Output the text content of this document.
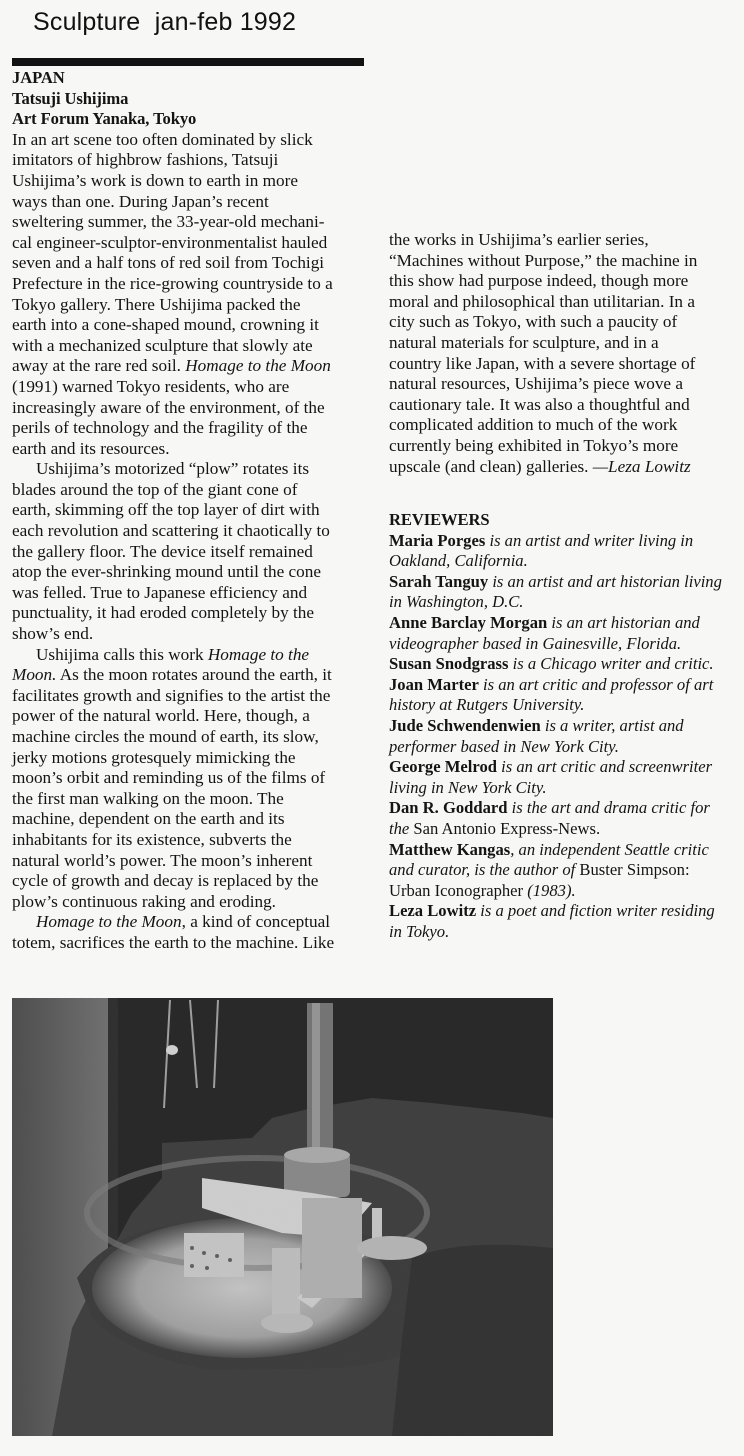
Sculpture  jan-feb 1992
JAPAN
Tatsuji Ushijima
Art Forum Yanaka, Tokyo
In an art scene too often dominated by slick
imitators of highbrow fashions, Tatsuji
Ushijima’s work is down to earth in more
ways than one. During Japan’s recent
sweltering summer, the 33-year-old mechani-
cal engineer-sculptor-environmentalist hauled
seven and a half tons of red soil from Tochigi
Prefecture in the rice-growing countryside to a
Tokyo gallery. There Ushijima packed the
earth into a cone-shaped mound, crowning it
with a mechanized sculpture that slowly ate
away at the rare red soil. Homage to the Moon
(1991) warned Tokyo residents, who are
increasingly aware of the environment, of the
perils of technology and the fragility of the
earth and its resources.
Ushijima’s motorized “plow” rotates its
blades around the top of the giant cone of
earth, skimming off the top layer of dirt with
each revolution and scattering it chaotically to
the gallery floor. The device itself remained
atop the ever-shrinking mound until the cone
was felled. True to Japanese efficiency and
punctuality, it had eroded completely by the
show’s end.
Ushijima calls this work Homage to the
Moon. As the moon rotates around the earth, it
facilitates growth and signifies to the artist the
power of the natural world. Here, though, a
machine circles the mound of earth, its slow,
jerky motions grotesquely mimicking the
moon’s orbit and reminding us of the films of
the first man walking on the moon. The
machine, dependent on the earth and its
inhabitants for its existence, subverts the
natural world’s power. The moon’s inherent
cycle of growth and decay is replaced by the
plow’s continuous raking and eroding.
Homage to the Moon, a kind of conceptual
totem, sacrifices the earth to the machine. Like
the works in Ushijima’s earlier series,
“Machines without Purpose,” the machine in
this show had purpose indeed, though more
moral and philosophical than utilitarian. In a
city such as Tokyo, with such a paucity of
natural materials for sculpture, and in a
country like Japan, with a severe shortage of
natural resources, Ushijima’s piece wove a
cautionary tale. It was also a thoughtful and
complicated addition to much of the work
currently being exhibited in Tokyo’s more
upscale (and clean) galleries. —Leza Lowitz
REVIEWERS
Maria Porges is an artist and writer living in
Oakland, California.
Sarah Tanguy is an artist and art historian living
in Washington, D.C.
Anne Barclay Morgan is an art historian and
videographer based in Gainesville, Florida.
Susan Snodgrass is a Chicago writer and critic.
Joan Marter is an art critic and professor of art
history at Rutgers University.
Jude Schwendenwien is a writer, artist and
performer based in New York City.
George Melrod is an art critic and screenwriter
living in New York City.
Dan R. Goddard is the art and drama critic for
the San Antonio Express-News.
Matthew Kangas, an independent Seattle critic
and curator, is the author of Buster Simpson:
Urban Iconographer (1983).
Leza Lowitz is a poet and fiction writer residing
in Tokyo.
